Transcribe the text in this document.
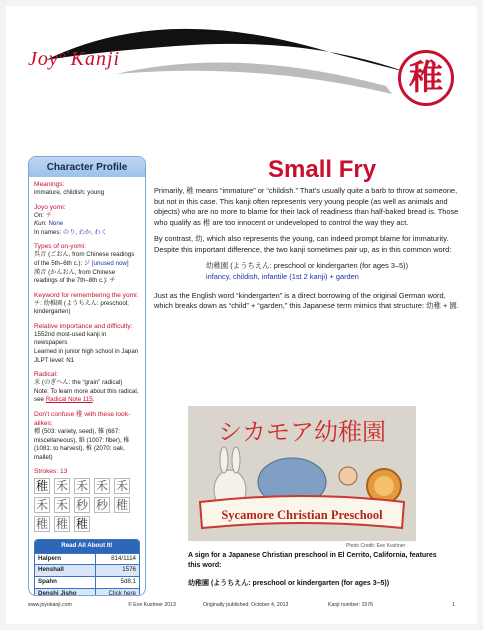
Joy$^{o'}$Kanji	稚
Character Profile
Meanings:
immature, childish; young
Joyo yomi:
On: チ
Kun: None
In names: のり, わか, わく
Types of on-yomi:
呉音 (ごおん, from Chinese readings of the 5th–6th c.): ジ [unused now]
漢音 (かんおん, from Chinese readings of the 7th–8th c.): チ
Keyword for remembering the yomi:
チ: 幼稚園 (ようちえん: preschool; kindergarten)
Relative importance and difficulty:
1552nd most-used kanji in newspapers
Learned in junior high school in Japan
JLPT level: N1
Radical:
禾 (のぎへん: the “grain” radical)
Note: To learn more about this radical, see Radical Note 115.
Don't confuse 稚 with these look-alikes:
種 (503: variety, seed), 雑 (687: miscellaneous), 維 (1007: fiber), 稚 (1081: to harvest), 椎 (2070: oak, mallet)
Strokes: 13
稚 禾 禾 禾 禾
禾 禾 秒 秒 稚
稚 稚 稚
Read All About It!
Halpern	814/1114
Henshall	1576
Spahn	5d8.1
Denshi Jisho	Click here
Small Fry

Primarily, 稚 means “immature” or “childish.” That’s usually quite a barb to throw at someone, but not in this case. This kanji often represents very young people (as well as animals and objects) who are no more to blame for their lack of readiness than half-baked bread is. Those who qualify as 稚 are too innocent or undeveloped to control the way they act.

By contrast, 幼, which also represents the young, can indeed prompt blame for immaturity. Despite this important difference, the two kanji sometimes pair up, as in this common word:

幼稚園 (ようちえん: preschool or kindergarten (for ages 3–5))
infancy, childish, infantile (1st 2 kanji) + garden

Just as the English word “kindergarten” is a direct borrowing of the original German word, which breaks down as “child” + “garden,” this Japanese term mimics that structure: 幼稚 + 園.

シカモア幼稚園
Sycamore Christian Preschool
Photo Credit: Eve Kushner
A sign for a Japanese Christian preschool in El Cerrito, California, features this word:
幼稚園 (ようちえん: preschool or kindergarten (for ages 3–5))
www.joyokanji.com	© Eve Kushner 2013	Originally published: October 4, 2013	Kanji number: 1576	1
